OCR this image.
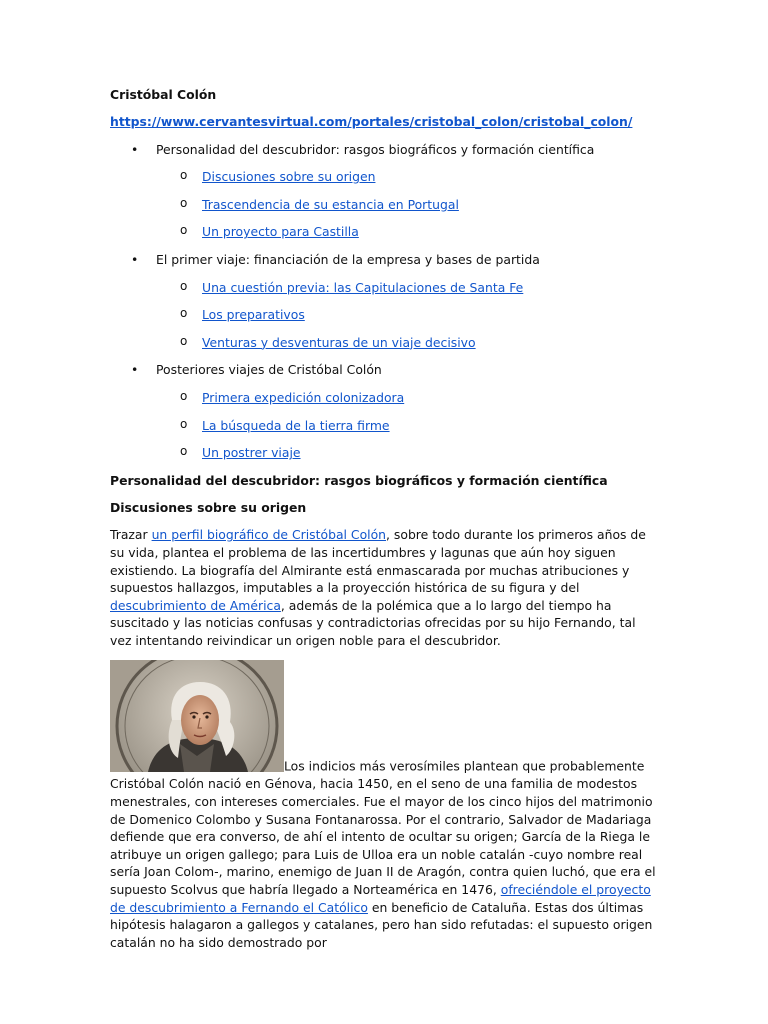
Cristóbal Colón

https://www.cervantesvirtual.com/portales/cristobal_colon/cristobal_colon/
• Personalidad del descubridor: rasgos biográficos y formación científica
o Discusiones sobre su origen
o Trascendencia de su estancia en Portugal
o Un proyecto para Castilla
• El primer viaje: financiación de la empresa y bases de partida
o Una cuestión previa: las Capitulaciones de Santa Fe
o Los preparativos
o Venturas y desventuras de un viaje decisivo
• Posteriores viajes de Cristóbal Colón
o Primera expedición colonizadora
o La búsqueda de la tierra firme
o Un postrer viaje
Personalidad del descubridor: rasgos biográficos y formación científica
Discusiones sobre su origen
Trazar un perfil biográfico de Cristóbal Colón, sobre todo durante los primeros años de su vida, plantea el problema de las incertidumbres y lagunas que aún hoy siguen existiendo. La biografía del Almirante está enmascarada por muchas atribuciones y supuestos hallazgos, imputables a la proyección histórica de su figura y del descubrimiento de América, además de la polémica que a lo largo del tiempo ha suscitado y las noticias confusas y contradictorias ofrecidas por su hijo Fernando, tal vez intentando reivindicar un origen noble para el descubridor.
Los indicios más verosímiles plantean que probablemente Cristóbal Colón nació en Génova, hacia 1450, en el seno de una familia de modestos menestrales, con intereses comerciales. Fue el mayor de los cinco hijos del matrimonio de Domenico Colombo y Susana Fontanarossa. Por el contrario, Salvador de Madariaga defiende que era converso, de ahí el intento de ocultar su origen; García de la Riega le atribuye un origen gallego; para Luis de Ulloa era un noble catalán -cuyo nombre real sería Joan Colom-, marino, enemigo de Juan II de Aragón, contra quien luchó, que era el supuesto Scolvus que habría llegado a Norteamérica en 1476, ofreciéndole el proyecto de descubrimiento a Fernando el Católico en beneficio de Cataluña. Estas dos últimas hipótesis halagaron a gallegos y catalanes, pero han sido refutadas: el supuesto origen catalán no ha sido demostrado por
